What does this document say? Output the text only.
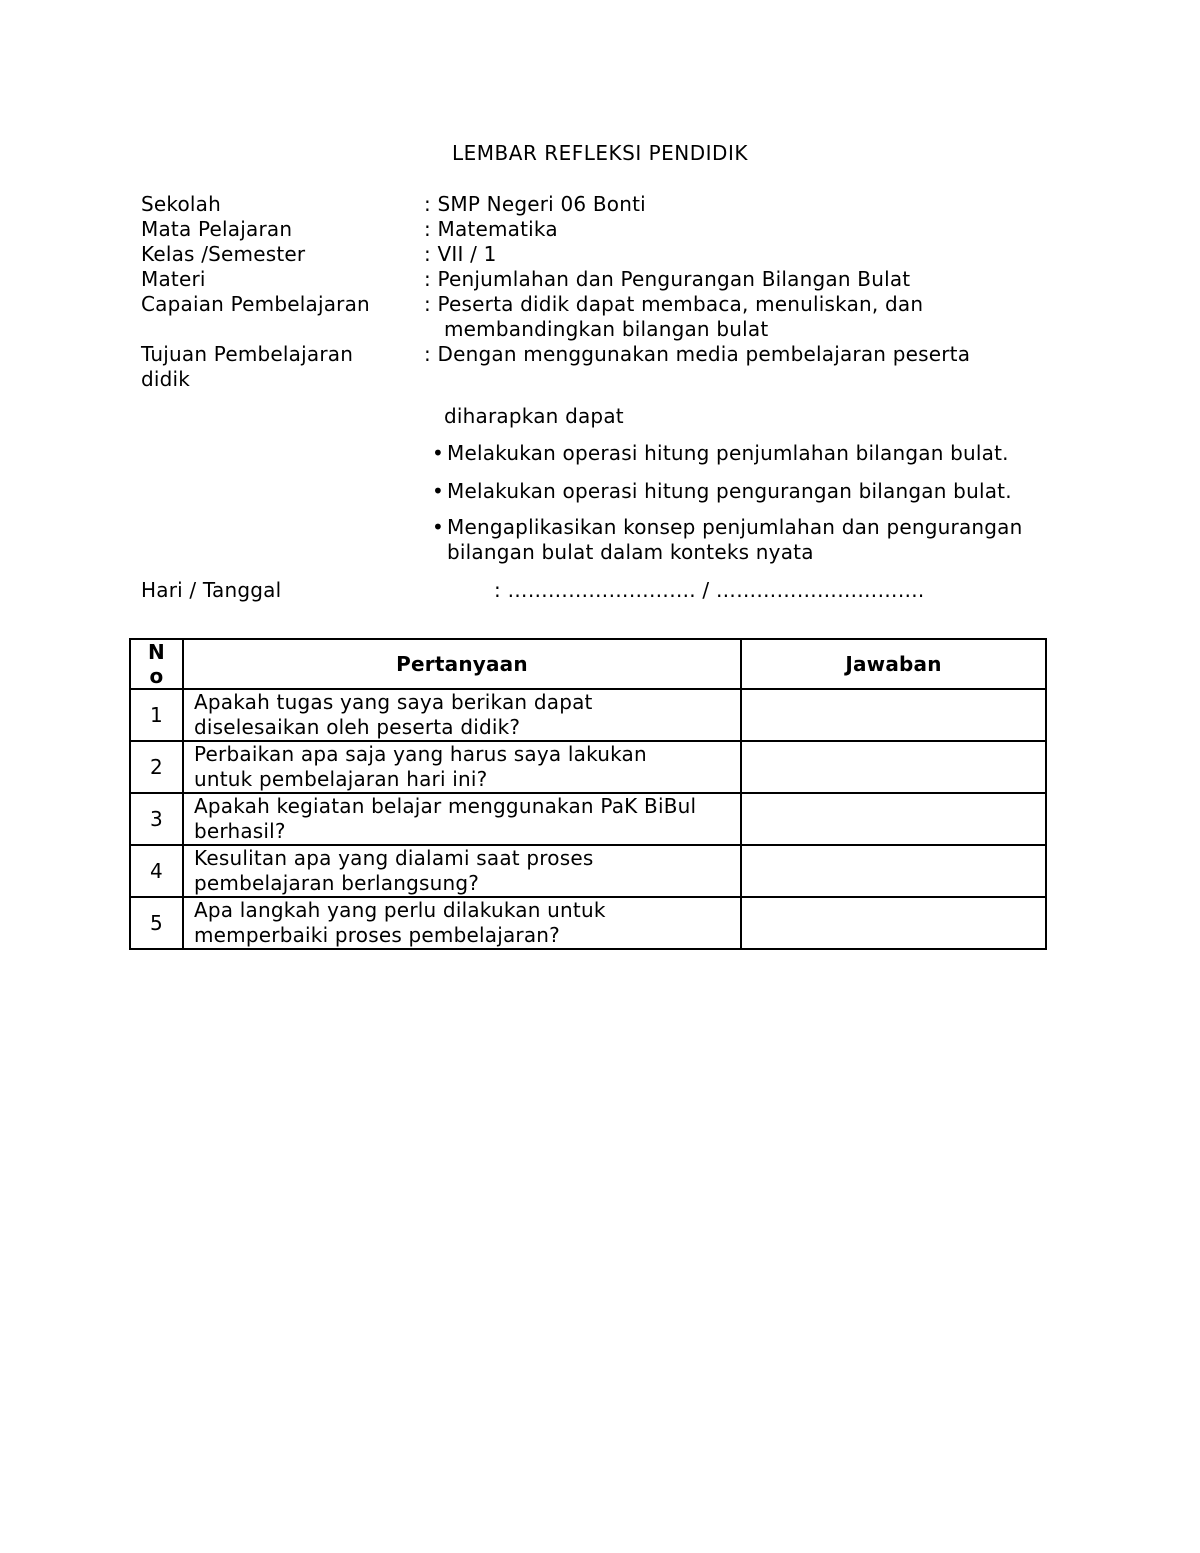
LEMBAR REFLEKSI PENDIDIK
Sekolah	: SMP Negeri 06 Bonti
Mata Pelajaran	: Matematika
Kelas /Semester	: VII / 1
Materi	: Penjumlahan dan Pengurangan Bilangan Bulat
Capaian Pembelajaran	: Peserta didik dapat membaca, menuliskan, dan
membandingkan bilangan bulat
Tujuan Pembelajaran	: Dengan menggunakan media pembelajaran peserta
didik
diharapkan dapat
• Melakukan operasi hitung penjumlahan bilangan bulat.
• Melakukan operasi hitung pengurangan bilangan bulat.
• Mengaplikasikan konsep penjumlahan dan pengurangan
bilangan bulat dalam konteks nyata
Hari / Tanggal	: ………………………. / ………………………….
N
o	Pertanyaan	Jawaban
1	Apakah tugas yang saya berikan dapat
diselesaikan oleh peserta didik?	

2	Perbaikan apa saja yang harus saya lakukan
untuk pembelajaran hari ini?	

3	Apakah kegiatan belajar menggunakan PaK BiBul
berhasil?	

4	Kesulitan apa yang dialami saat proses
pembelajaran berlangsung?	

5	Apa langkah yang perlu dilakukan untuk
memperbaiki proses pembelajaran?	
